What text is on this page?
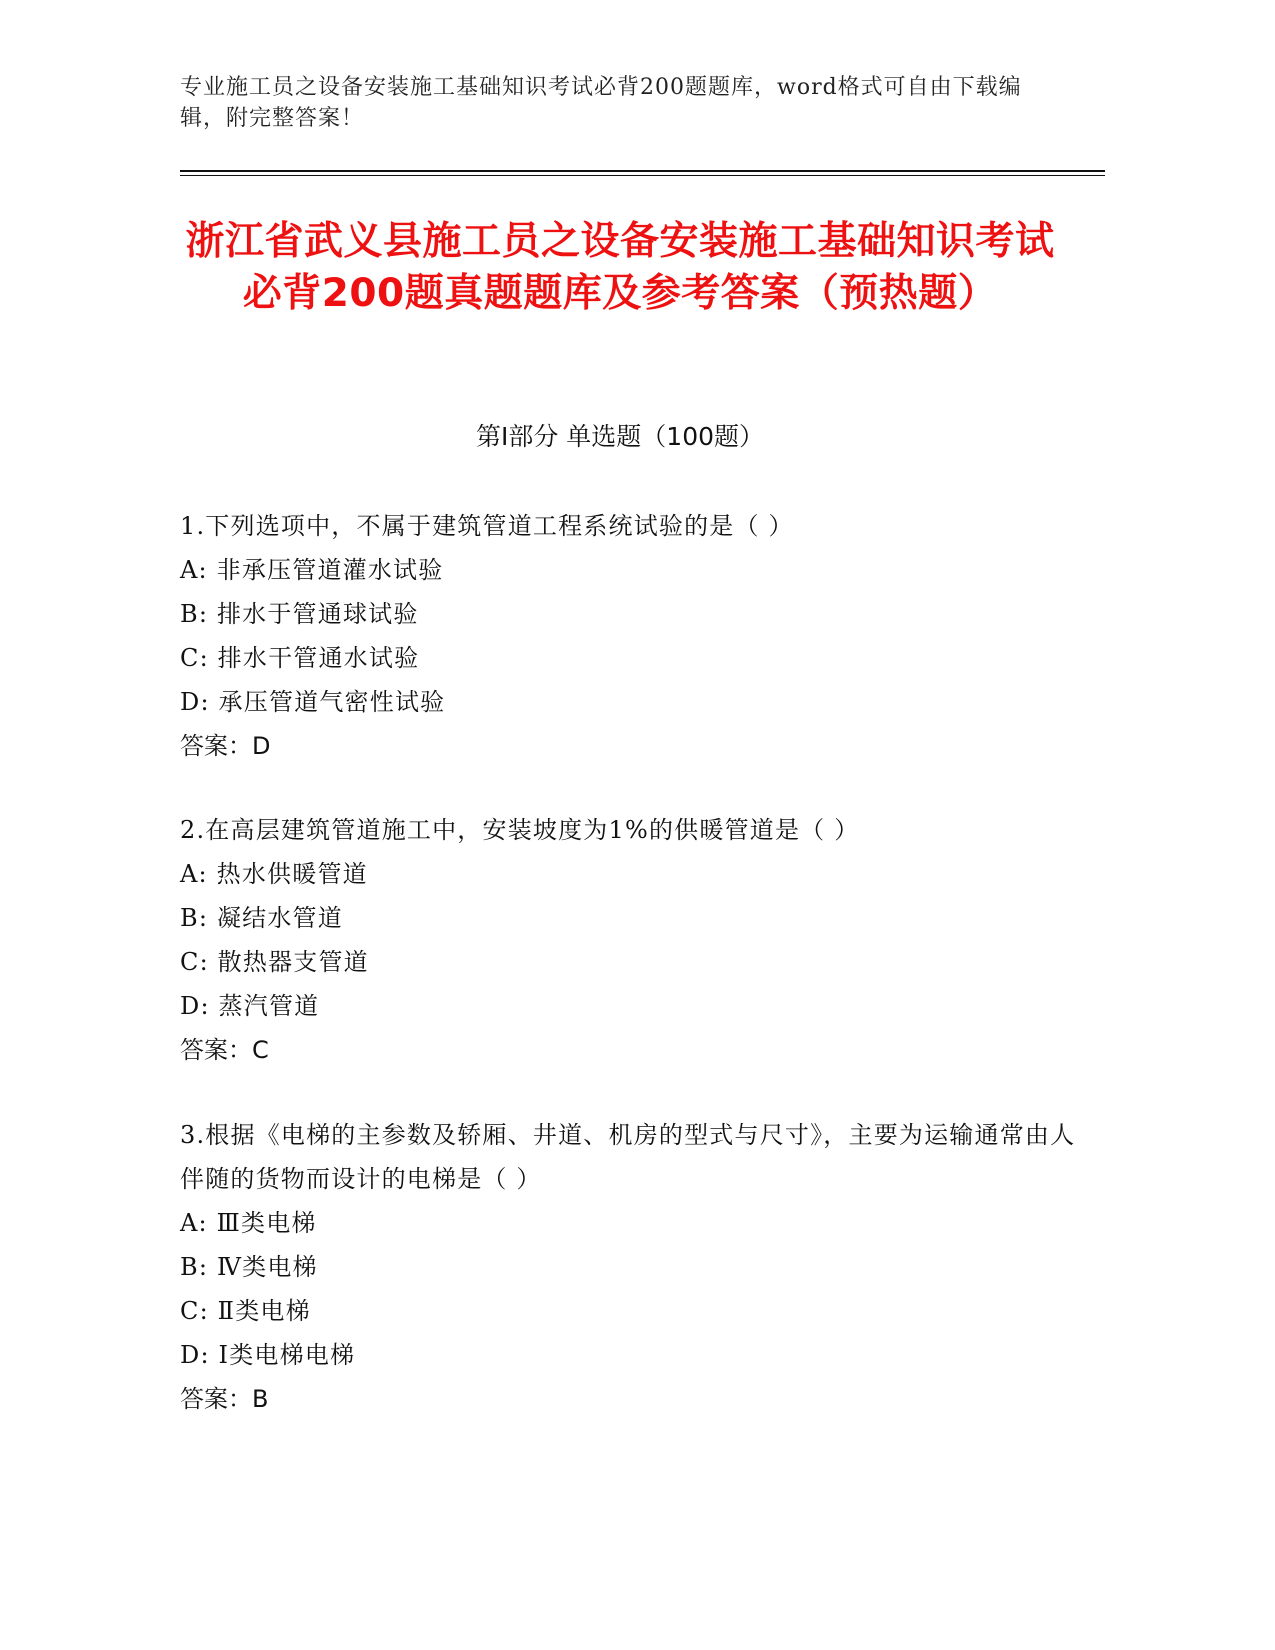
专业施工员之设备安装施工基础知识考试必背200题题库，word格式可自由下载编辑，附完整答案！
浙江省武义县施工员之设备安装施工基础知识考试必背200题真题题库及参考答案（预热题）
第Ⅰ部分 单选题（100题）

1.下列选项中，不属于建筑管道工程系统试验的是（ ）

A: 非承压管道灌水试验

B: 排水于管通球试验

C: 排水干管通水试验

D: 承压管道气密性试验

答案：D

2.在高层建筑管道施工中，安装坡度为1%的供暖管道是（ ）

A: 热水供暖管道

B: 凝结水管道

C: 散热器支管道

D: 蒸汽管道

答案：C

3.根据《电梯的主参数及轿厢、井道、机房的型式与尺寸》，主要为运输通常由人伴随的货物而设计的电梯是（ ）

A: Ⅲ类电梯

B: Ⅳ类电梯

C: Ⅱ类电梯

D: Ⅰ类电梯电梯

答案：B
